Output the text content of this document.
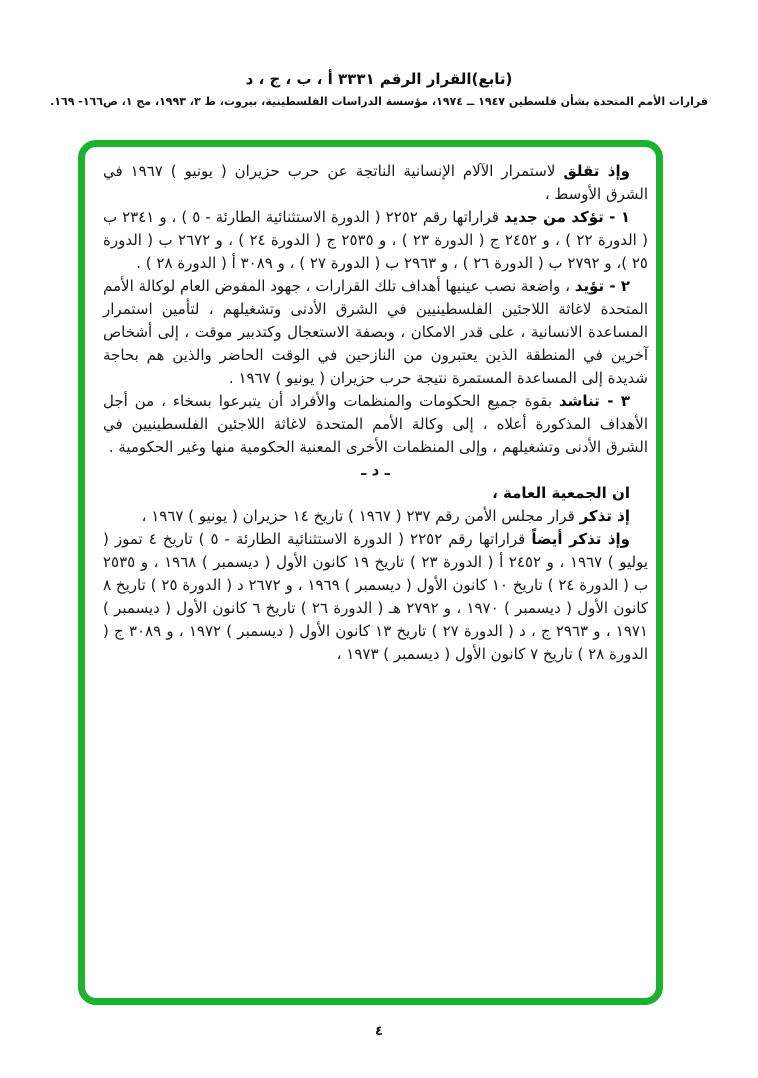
(تابع)القرار الرقم ٣٣٣١ أ ، ب ، ج ، د
قرارات الأمم المتحدة بشأن فلسطين ١٩٤٧ ــ ١٩٧٤، مؤسسة الدراسات الفلسطينية، بيروت، ط ٣، ١٩٩٣، مج ١، ص١٦٦- ١٦٩.

وإذ تقلق لاستمرار الآلام الإنسانية الناتجة عن حرب حزيران ( يونيو ) ١٩٦٧ في الشرق الأوسط ،

١ - تؤكد من جديد قراراتها رقم ٢٢٥٢ ( الدورة الاستثنائية الطارئة - ٥ ) ، و ٢٣٤١ ب ( الدورة ٢٢ ) ، و ٢٤٥٢ ج ( الدورة ٢٣ ) ، و ٢٥٣٥ ج ( الدورة ٢٤ ) ، و ٢٦٧٢ ب ( الدورة ٢٥ )، و ٢٧٩٢ ب ( الدورة ٢٦ ) ، و ٢٩٦٣ ب ( الدورة ٢٧ ) ، و ٣٠٨٩ أ ( الدورة ٢٨ ) .

٢ - تؤيد ، واضعة نصب عينيها أهداف تلك القرارات ، جهود المفوض العام لوكالة الأمم المتحدة لاغاثة اللاجئين الفلسطينيين في الشرق الأدنى وتشغيلهم ، لتأمين استمرار المساعدة الانسانية ، على قدر الامكان ، وبصفة الاستعجال وكتدبير موقت ، إلى أشخاص آخرين في المنطقة الذين يعتبرون من النازحين في الوقت الحاضر والذين هم بحاجة شديدة إلى المساعدة المستمرة نتيجة حرب حزيران ( يونيو ) ١٩٦٧ .

٣ - تناشد بقوة جميع الحكومات والمنظمات والأفراد أن يتبرعوا بسخاء ، من أجل الأهداف المذكورة أعلاه ، إلى وكالة الأمم المتحدة لاغاثة اللاجئين الفلسطينيين في الشرق الأدنى وتشغيلهم ، وإلى المنظمات الأخرى المعنية الحكومية منها وغير الحكومية .

ـ د ـ

ان الجمعية العامة ،

إذ تذكر قرار مجلس الأمن رقم ٢٣٧ ( ١٩٦٧ ) تاريخ ١٤ حزيران ( يونيو ) ١٩٦٧ ،

وإذ تذكر أيضاً قراراتها رقم ٢٢٥٢ ( الدورة الاستثنائية الطارئة - ٥ ) تاريخ ٤ تموز ( يوليو ) ١٩٦٧ ، و ٢٤٥٢ أ ( الدورة ٢٣ ) تاريخ ١٩ كانون الأول ( ديسمبر ) ١٩٦٨ ، و ٢٥٣٥ ب ( الدورة ٢٤ ) تاريخ ١٠ كانون الأول ( ديسمبر ) ١٩٦٩ ، و ٢٦٧٢ د ( الدورة ٢٥ ) تاريخ ٨ كانون الأول ( ديسمبر ) ١٩٧٠ ، و ٢٧٩٢ هـ ( الدورة ٢٦ ) تاريخ ٦ كانون الأول ( ديسمبر ) ١٩٧١ ، و ٢٩٦٣ ج ، د ( الدورة ٢٧ ) تاريخ ١٣ كانون الأول ( ديسمبر ) ١٩٧٢ ، و ٣٠٨٩ ج ( الدورة ٢٨ ) تاريخ ٧ كانون الأول ( ديسمبر ) ١٩٧٣ ،

٤
